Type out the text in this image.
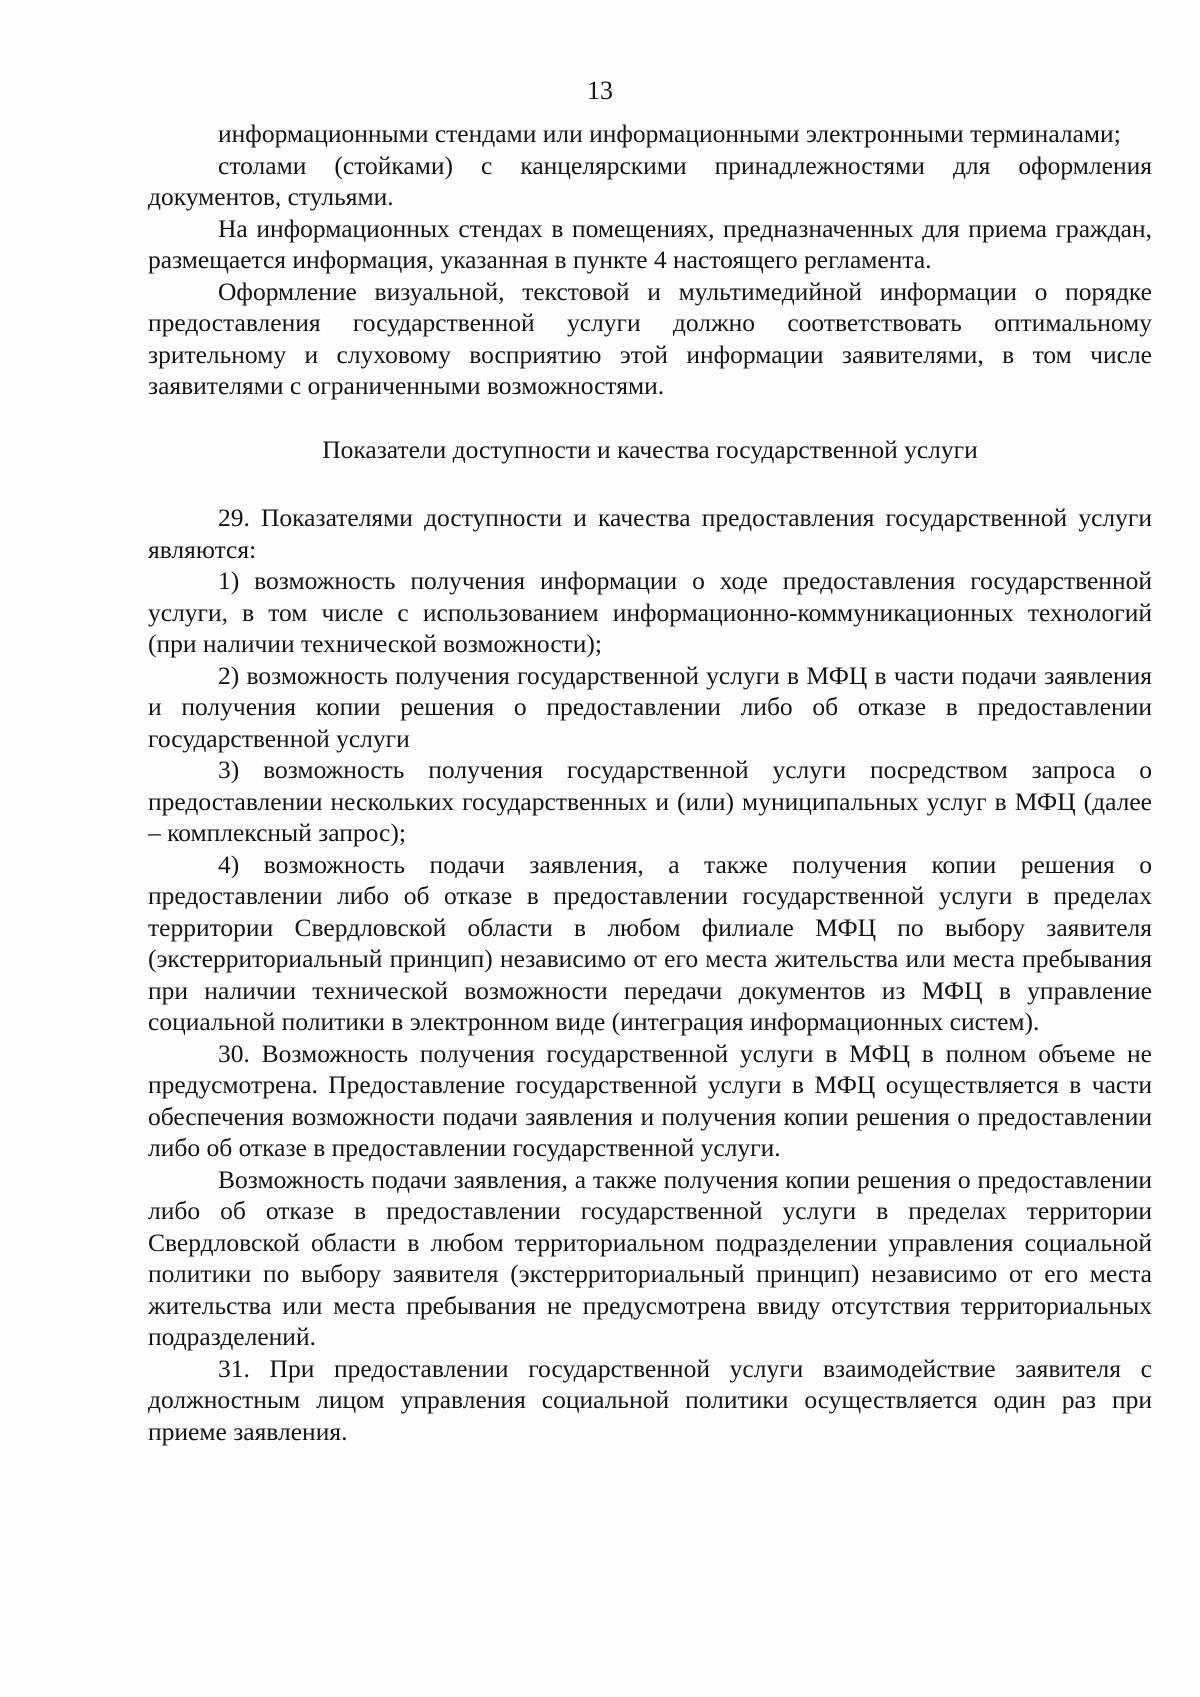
13

информационными стендами или информационными электронными терминалами;

столами (стойками) с канцелярскими принадлежностями для оформления документов, стульями.

На информационных стендах в помещениях, предназначенных для приема граждан, размещается информация, указанная в пункте 4 настоящего регламента.

Оформление визуальной, текстовой и мультимедийной информации о порядке предоставления государственной услуги должно соответствовать оптимальному зрительному и слуховому восприятию этой информации заявителями, в том числе заявителями с ограниченными возможностями.

Показатели доступности и качества государственной услуги

29. Показателями доступности и качества предоставления государственной услуги являются:

1) возможность получения информации о ходе предоставления государственной услуги, в том числе с использованием информационно-коммуникационных технологий (при наличии технической возможности);

2) возможность получения государственной услуги в МФЦ в части подачи заявления и получения копии решения о предоставлении либо об отказе в предоставлении государственной услуги

3) возможность получения государственной услуги посредством запроса о предоставлении нескольких государственных и (или) муниципальных услуг в МФЦ (далее – комплексный запрос);

4) возможность подачи заявления, а также получения копии решения о предоставлении либо об отказе в предоставлении государственной услуги в пределах территории Свердловской области в любом филиале МФЦ по выбору заявителя (экстерриториальный принцип) независимо от его места жительства или места пребывания при наличии технической возможности передачи документов из МФЦ в управление социальной политики в электронном виде (интеграция информационных систем).

30. Возможность получения государственной услуги в МФЦ в полном объеме не предусмотрена. Предоставление государственной услуги в МФЦ осуществляется в части обеспечения возможности подачи заявления и получения копии решения о предоставлении либо об отказе в предоставлении государственной услуги.

Возможность подачи заявления, а также получения копии решения о предоставлении либо об отказе в предоставлении государственной услуги в пределах территории Свердловской области в любом территориальном подразделении управления социальной политики по выбору заявителя (экстерриториальный принцип) независимо от его места жительства или места пребывания не предусмотрена ввиду отсутствия территориальных подразделений.

31. При предоставлении государственной услуги взаимодействие заявителя с должностным лицом управления социальной политики осуществляется один раз при приеме заявления.
